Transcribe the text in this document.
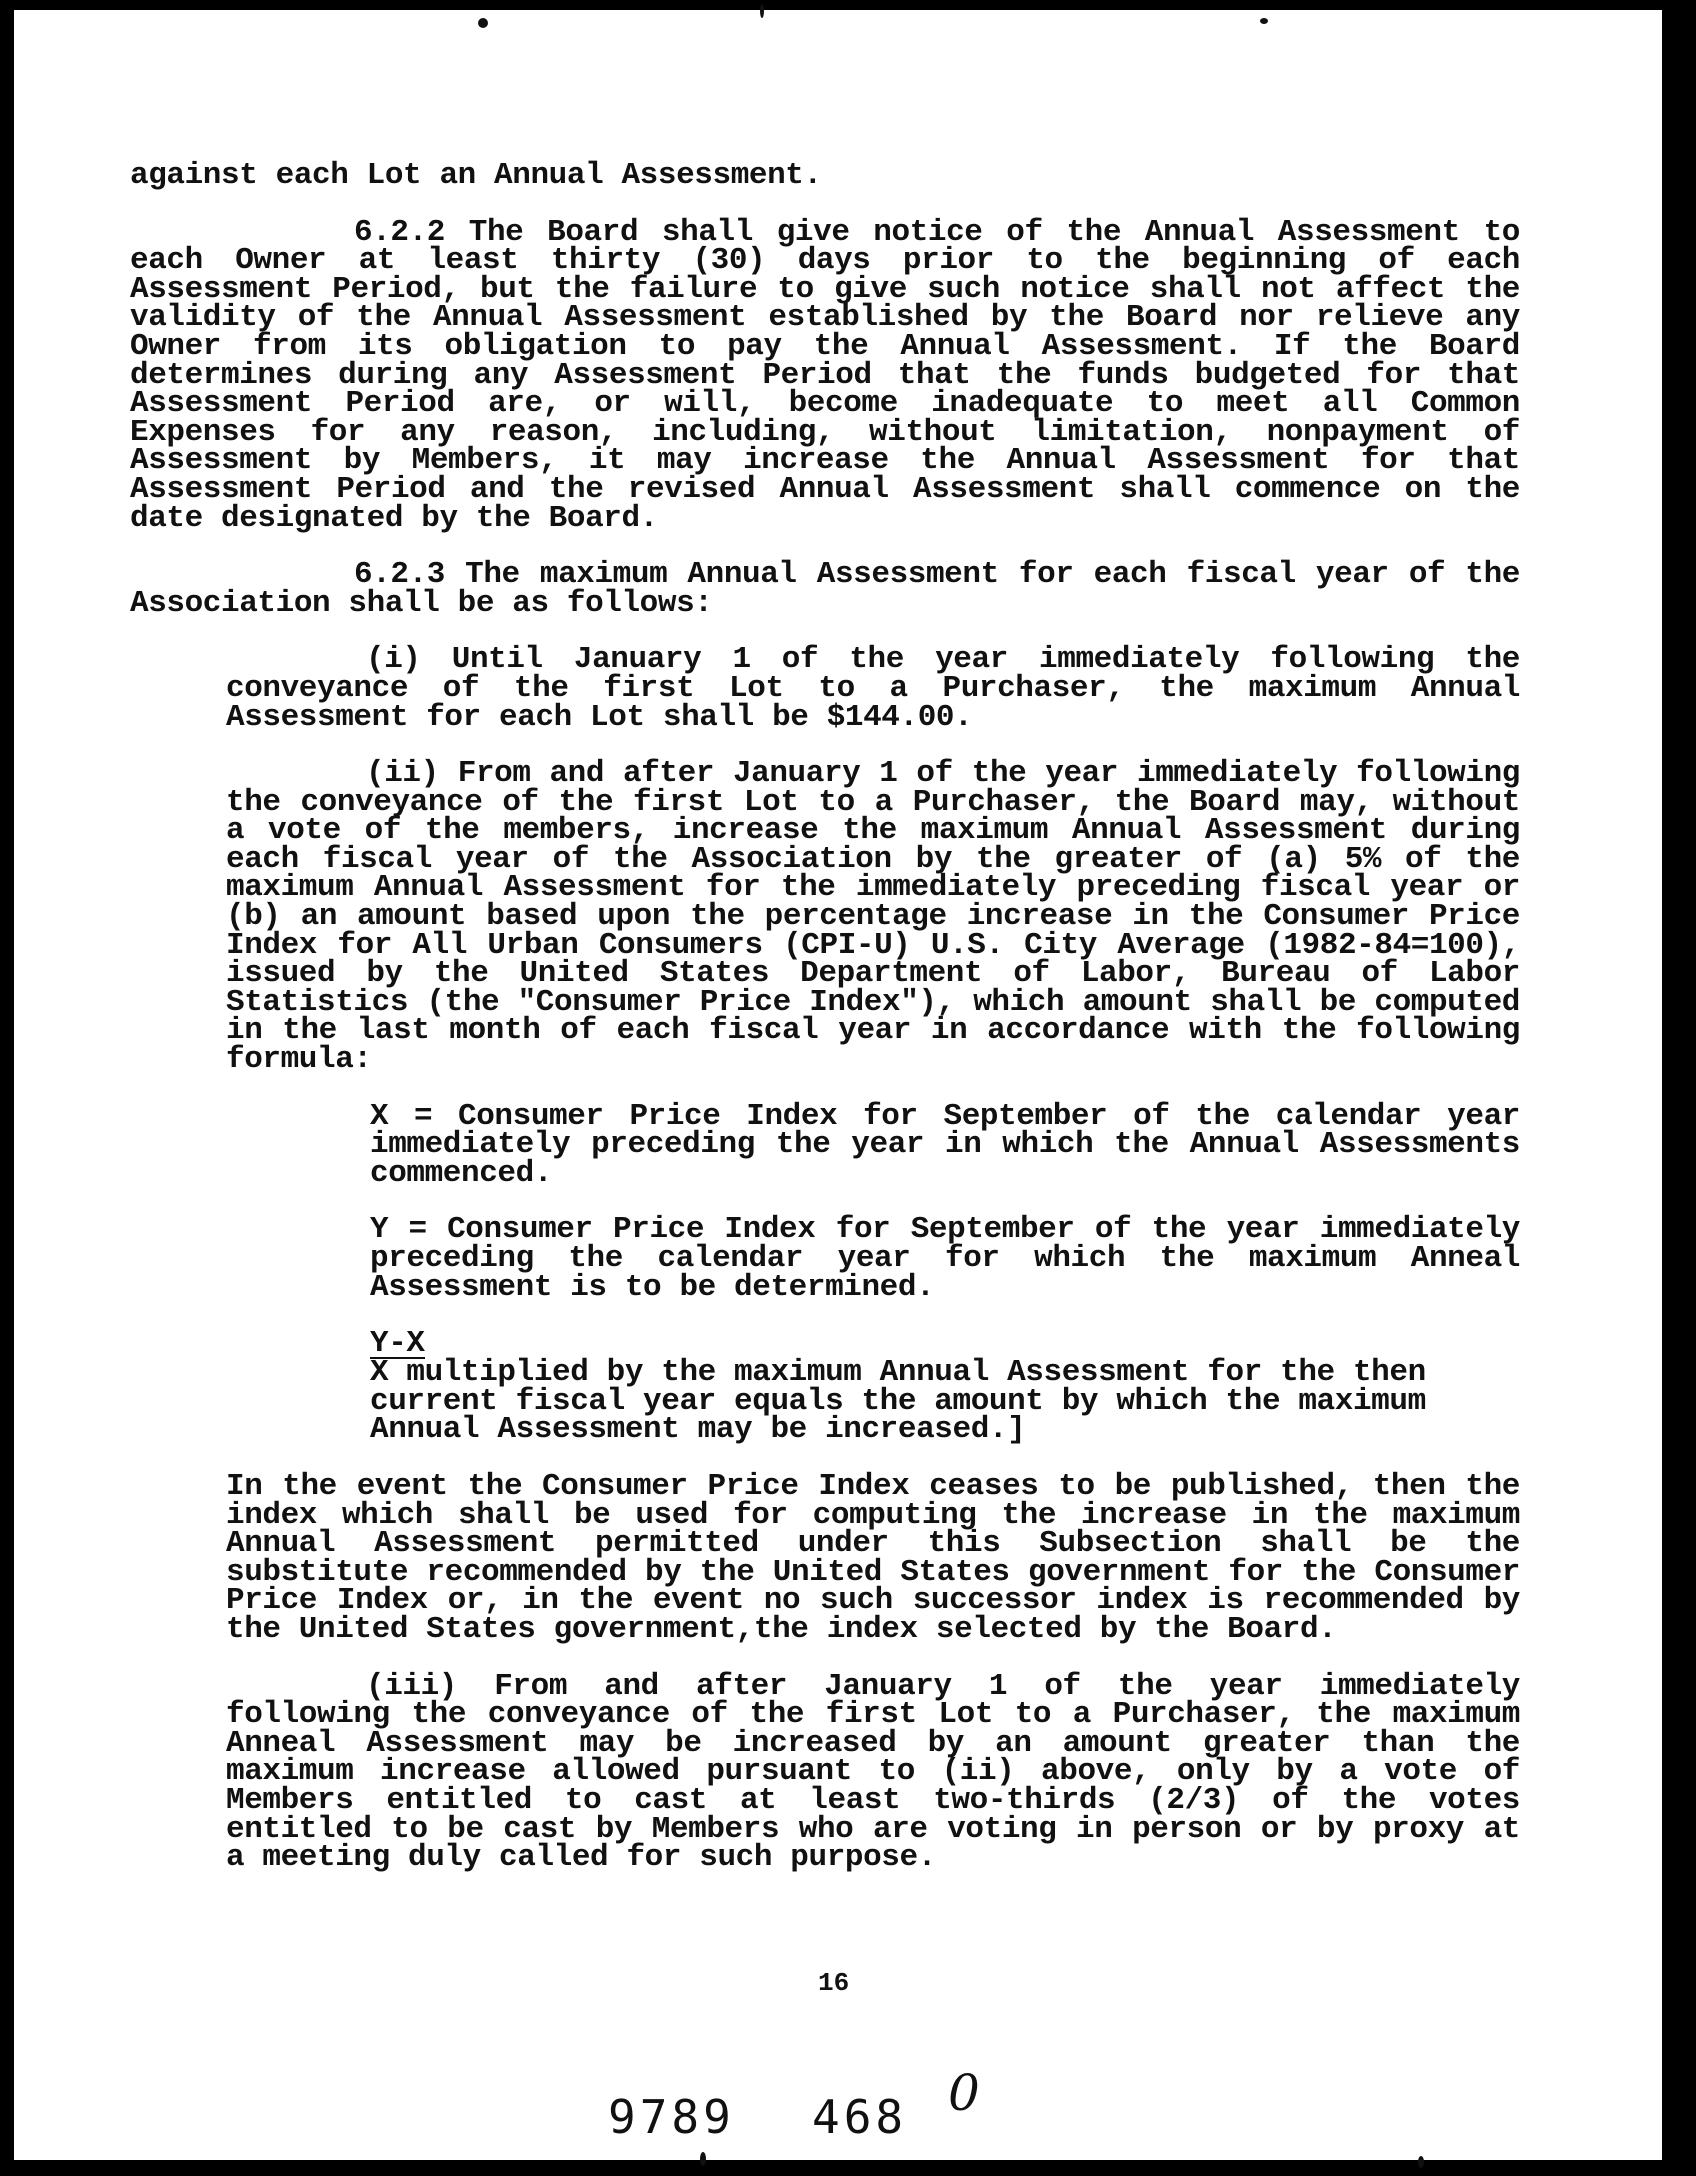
against each Lot an Annual Assessment.

6.2.2 The Board shall give notice of the Annual Assessment to each Owner at least thirty (30) days prior to the beginning of each Assessment Period, but the failure to give such notice shall not affect the validity of the Annual Assessment established by the Board nor relieve any Owner from its obligation to pay the Annual Assessment. If the Board determines during any Assessment Period that the funds budgeted for that Assessment Period are, or will, become inadequate to meet all Common Expenses for any reason, including, without limitation, nonpayment of Assessment by Members, it may increase the Annual Assessment for that Assessment Period and the revised Annual Assessment shall commence on the date designated by the Board.

6.2.3 The maximum Annual Assessment for each fiscal year of the Association shall be as follows:

(i) Until January 1 of the year immediately following the conveyance of the first Lot to a Purchaser, the maximum Annual Assessment for each Lot shall be $144.00.

(ii) From and after January 1 of the year immediately following the conveyance of the first Lot to a Purchaser, the Board may, without a vote of the members, increase the maximum Annual Assessment during each fiscal year of the Association by the greater of (a) 5% of the maximum Annual Assessment for the immediately preceding fiscal year or (b) an amount based upon the percentage increase in the Consumer Price Index for All Urban Consumers (CPI-U) U.S. City Average (1982-84=100), issued by the United States Department of Labor, Bureau of Labor Statistics (the "Consumer Price Index"), which amount shall be computed in the last month of each fiscal year in accordance with the following formula:

X = Consumer Price Index for September of the calendar year immediately preceding the year in which the Annual Assessments commenced.

Y = Consumer Price Index for September of the year immediately preceding the calendar year for which the maximum Anneal Assessment is to be determined.

Y-X
X multiplied by the maximum Annual Assessment for the then current fiscal year equals the amount by which the maximum Annual Assessment may be increased.]

In the event the Consumer Price Index ceases to be published, then the index which shall be used for computing the increase in the maximum Annual Assessment permitted under this Subsection shall be the substitute recommended by the United States government for the Consumer Price Index or, in the event no such successor index is recommended by the United States government,the index selected by the Board.

(iii) From and after January 1 of the year immediately following the conveyance of the first Lot to a Purchaser, the maximum Anneal Assessment may be increased by an amount greater than the maximum increase allowed pursuant to (ii) above, only by a vote of Members entitled to cast at least two-thirds (2/3) of the votes entitled to be cast by Members who are voting in person or by proxy at a meeting duly called for such purpose.

16
9789 468 0
